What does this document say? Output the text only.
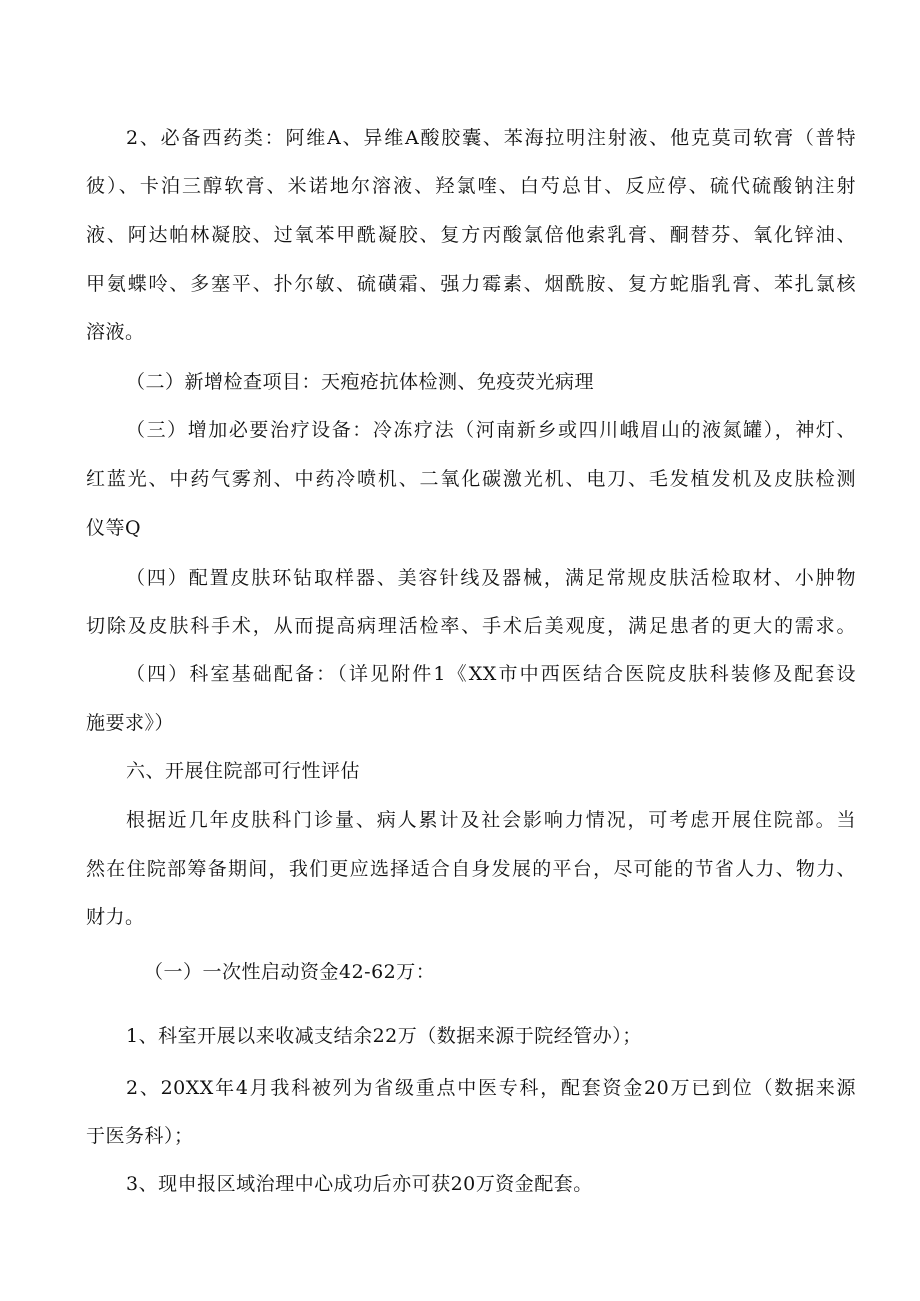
2、必备西药类：阿维A、异维A酸胶囊、苯海拉明注射液、他克莫司软膏（普特
彼）、卡泊三醇软膏、米诺地尔溶液、羟氯喹、白芍总甘、反应停、硫代硫酸钠注射
液、阿达帕林凝胶、过氧苯甲酰凝胶、复方丙酸氯倍他索乳膏、酮替芬、氧化锌油、
甲氨蝶呤、多塞平、扑尔敏、硫磺霜、强力霉素、烟酰胺、复方蛇脂乳膏、苯扎氯核
溶液。
（二）新增检查项目：天疱疮抗体检测、免疫荧光病理
（三）增加必要治疗设备：冷冻疗法（河南新乡或四川峨眉山的液氮罐），神灯、
红蓝光、中药气雾剂、中药冷喷机、二氧化碳激光机、电刀、毛发植发机及皮肤检测
仪等Q
（四）配置皮肤环钻取样器、美容针线及器械，满足常规皮肤活检取材、小肿物
切除及皮肤科手术，从而提高病理活检率、手术后美观度，满足患者的更大的需求。
（四）科室基础配备：（详见附件1《XX市中西医结合医院皮肤科装修及配套设
施要求》）
六、开展住院部可行性评估
根据近几年皮肤科门诊量、病人累计及社会影响力情况，可考虑开展住院部。当
然在住院部筹备期间，我们更应选择适合自身发展的平台，尽可能的节省人力、物力、
财力。
（一）一次性启动资金42-62万：
1、科室开展以来收减支结余22万（数据来源于院经管办）；
2、20XX年4月我科被列为省级重点中医专科，配套资金20万已到位（数据来源
于医务科）；
3、现申报区域治理中心成功后亦可获20万资金配套。
